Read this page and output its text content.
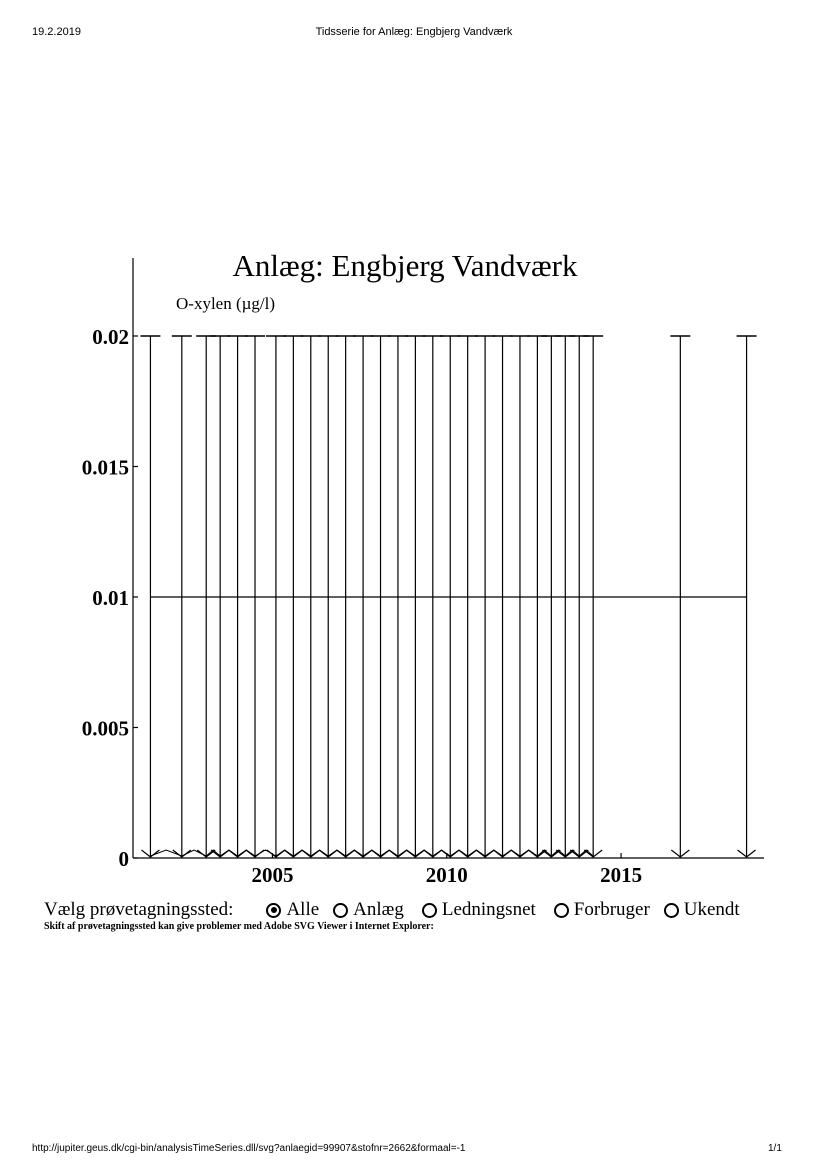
19.2.2019	Tidsserie for Anlæg: Engbjerg Vandværk
Anlæg: Engbjerg Vandværk
O-xylen (µg/l)
0
0.005
0.01
0.015
0.02
2005	2010	2015
Vælg prøvetagningssted:	Alle Anlæg Ledningsnet Forbruger Ukendt
Skift af prøvetagningssted kan give problemer med Adobe SVG Viewer i Internet Explorer:
http://jupiter.geus.dk/cgi-bin/analysisTimeSeries.dll/svg?anlaegid=99907&stofnr=2662&formaal=-1	1/1
